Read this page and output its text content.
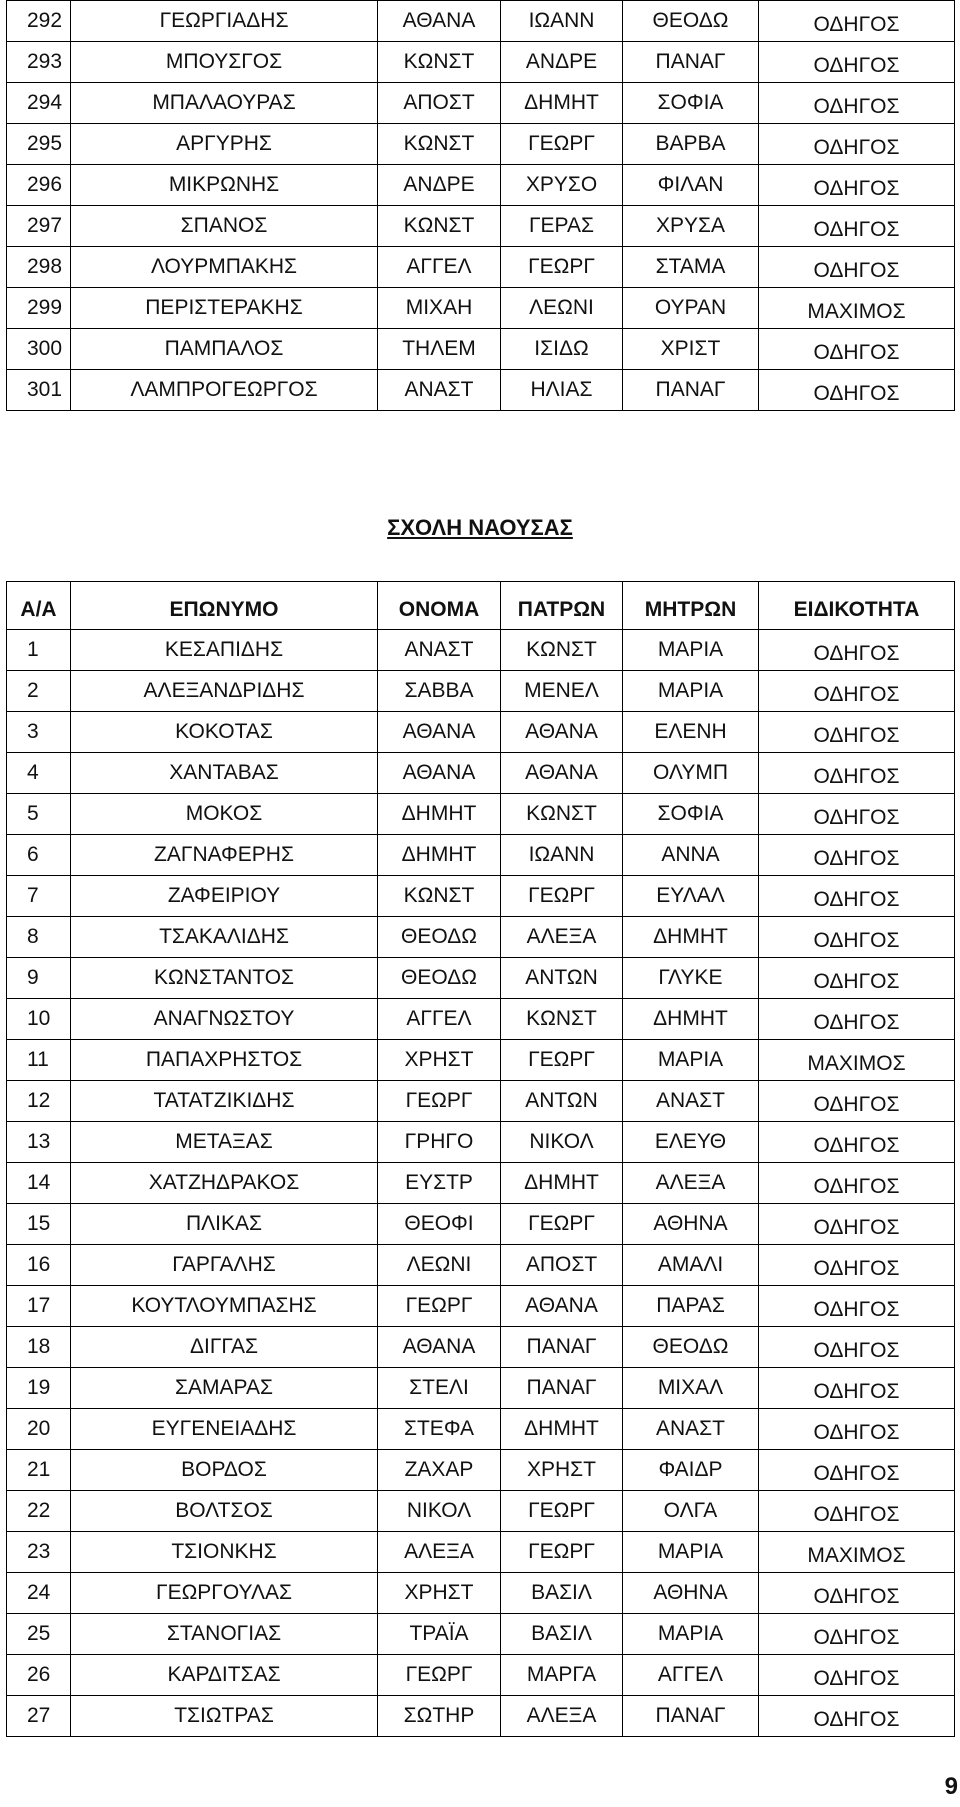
292	ΓΕΩΡΓΙΑΔΗΣ	ΑΘΑΝΑ	ΙΩΑΝΝ	ΘΕΟΔΩ	ΟΔΗΓΟΣ
293	ΜΠΟΥΣΓΟΣ	ΚΩΝΣΤ	ΑΝΔΡΕ	ΠΑΝΑΓ	ΟΔΗΓΟΣ
294	ΜΠΑΛΑΟΥΡΑΣ	ΑΠΟΣΤ	ΔΗΜΗΤ	ΣΟΦΙΑ	ΟΔΗΓΟΣ
295	ΑΡΓΥΡΗΣ	ΚΩΝΣΤ	ΓΕΩΡΓ	ΒΑΡΒΑ	ΟΔΗΓΟΣ
296	ΜΙΚΡΩΝΗΣ	ΑΝΔΡΕ	ΧΡΥΣΟ	ΦΙΛΑΝ	ΟΔΗΓΟΣ
297	ΣΠΑΝΟΣ	ΚΩΝΣΤ	ΓΕΡΑΣ	ΧΡΥΣΑ	ΟΔΗΓΟΣ
298	ΛΟΥΡΜΠΑΚΗΣ	ΑΓΓΕΛ	ΓΕΩΡΓ	ΣΤΑΜΑ	ΟΔΗΓΟΣ
299	ΠΕΡΙΣΤΕΡΑΚΗΣ	ΜΙΧΑΗ	ΛΕΩΝΙ	ΟΥΡΑΝ	ΜΑΧΙΜΟΣ
300	ΠΑΜΠΑΛΟΣ	ΤΗΛΕΜ	ΙΣΙΔΩ	ΧΡΙΣΤ	ΟΔΗΓΟΣ
301	ΛΑΜΠΡΟΓΕΩΡΓΟΣ	ΑΝΑΣΤ	ΗΛΙΑΣ	ΠΑΝΑΓ	ΟΔΗΓΟΣ
ΣΧΟΛΗ ΝΑΟΥΣΑΣ
Α/Α	ΕΠΩΝΥΜΟ	ΟΝΟΜΑ	ΠΑΤΡΩΝ	ΜΗΤΡΩΝ	ΕΙΔΙΚΟΤΗΤΑ
1	ΚΕΣΑΠΙΔΗΣ	ΑΝΑΣΤ	ΚΩΝΣΤ	ΜΑΡΙΑ	ΟΔΗΓΟΣ
2	ΑΛΕΞΑΝΔΡΙΔΗΣ	ΣΑΒΒΑ	ΜΕΝΕΛ	ΜΑΡΙΑ	ΟΔΗΓΟΣ
3	ΚΟΚΟΤΑΣ	ΑΘΑΝΑ	ΑΘΑΝΑ	ΕΛΕΝΗ	ΟΔΗΓΟΣ
4	ΧΑΝΤΑΒΑΣ	ΑΘΑΝΑ	ΑΘΑΝΑ	ΟΛΥΜΠ	ΟΔΗΓΟΣ
5	ΜΟΚΟΣ	ΔΗΜΗΤ	ΚΩΝΣΤ	ΣΟΦΙΑ	ΟΔΗΓΟΣ
6	ΖΑΓΝΑΦΕΡΗΣ	ΔΗΜΗΤ	ΙΩΑΝΝ	ΑΝΝΑ	ΟΔΗΓΟΣ
7	ΖΑΦΕΙΡΙΟΥ	ΚΩΝΣΤ	ΓΕΩΡΓ	ΕΥΛΑΛ	ΟΔΗΓΟΣ
8	ΤΣΑΚΑΛΙΔΗΣ	ΘΕΟΔΩ	ΑΛΕΞΑ	ΔΗΜΗΤ	ΟΔΗΓΟΣ
9	ΚΩΝΣΤΑΝΤΟΣ	ΘΕΟΔΩ	ΑΝΤΩΝ	ΓΛΥΚΕ	ΟΔΗΓΟΣ
10	ΑΝΑΓΝΩΣΤΟΥ	ΑΓΓΕΛ	ΚΩΝΣΤ	ΔΗΜΗΤ	ΟΔΗΓΟΣ
11	ΠΑΠΑΧΡΗΣΤΟΣ	ΧΡΗΣΤ	ΓΕΩΡΓ	ΜΑΡΙΑ	ΜΑΧΙΜΟΣ
12	ΤΑΤΑΤΖΙΚΙΔΗΣ	ΓΕΩΡΓ	ΑΝΤΩΝ	ΑΝΑΣΤ	ΟΔΗΓΟΣ
13	ΜΕΤΑΞΑΣ	ΓΡΗΓΟ	ΝΙΚΟΛ	ΕΛΕΥΘ	ΟΔΗΓΟΣ
14	ΧΑΤΖΗΔΡΑΚΟΣ	ΕΥΣΤΡ	ΔΗΜΗΤ	ΑΛΕΞΑ	ΟΔΗΓΟΣ
15	ΠΛΙΚΑΣ	ΘΕΟΦΙ	ΓΕΩΡΓ	ΑΘΗΝΑ	ΟΔΗΓΟΣ
16	ΓΑΡΓΑΛΗΣ	ΛΕΩΝΙ	ΑΠΟΣΤ	ΑΜΑΛΙ	ΟΔΗΓΟΣ
17	ΚΟΥΤΛΟΥΜΠΑΣΗΣ	ΓΕΩΡΓ	ΑΘΑΝΑ	ΠΑΡΑΣ	ΟΔΗΓΟΣ
18	ΔΙΓΓΑΣ	ΑΘΑΝΑ	ΠΑΝΑΓ	ΘΕΟΔΩ	ΟΔΗΓΟΣ
19	ΣΑΜΑΡΑΣ	ΣΤΕΛΙ	ΠΑΝΑΓ	ΜΙΧΑΛ	ΟΔΗΓΟΣ
20	ΕΥΓΕΝΕΙΑΔΗΣ	ΣΤΕΦΑ	ΔΗΜΗΤ	ΑΝΑΣΤ	ΟΔΗΓΟΣ
21	ΒΟΡΔΟΣ	ΖΑΧΑΡ	ΧΡΗΣΤ	ΦΑΙΔΡ	ΟΔΗΓΟΣ
22	ΒΟΛΤΣΟΣ	ΝΙΚΟΛ	ΓΕΩΡΓ	ΟΛΓΑ	ΟΔΗΓΟΣ
23	ΤΣΙΟΝΚΗΣ	ΑΛΕΞΑ	ΓΕΩΡΓ	ΜΑΡΙΑ	ΜΑΧΙΜΟΣ
24	ΓΕΩΡΓΟΥΛΑΣ	ΧΡΗΣΤ	ΒΑΣΙΛ	ΑΘΗΝΑ	ΟΔΗΓΟΣ
25	ΣΤΑΝΟΓΙΑΣ	ΤΡΑΪΑ	ΒΑΣΙΛ	ΜΑΡΙΑ	ΟΔΗΓΟΣ
26	ΚΑΡΔΙΤΣΑΣ	ΓΕΩΡΓ	ΜΑΡΓΑ	ΑΓΓΕΛ	ΟΔΗΓΟΣ
27	ΤΣΙΩΤΡΑΣ	ΣΩΤΗΡ	ΑΛΕΞΑ	ΠΑΝΑΓ	ΟΔΗΓΟΣ
9
